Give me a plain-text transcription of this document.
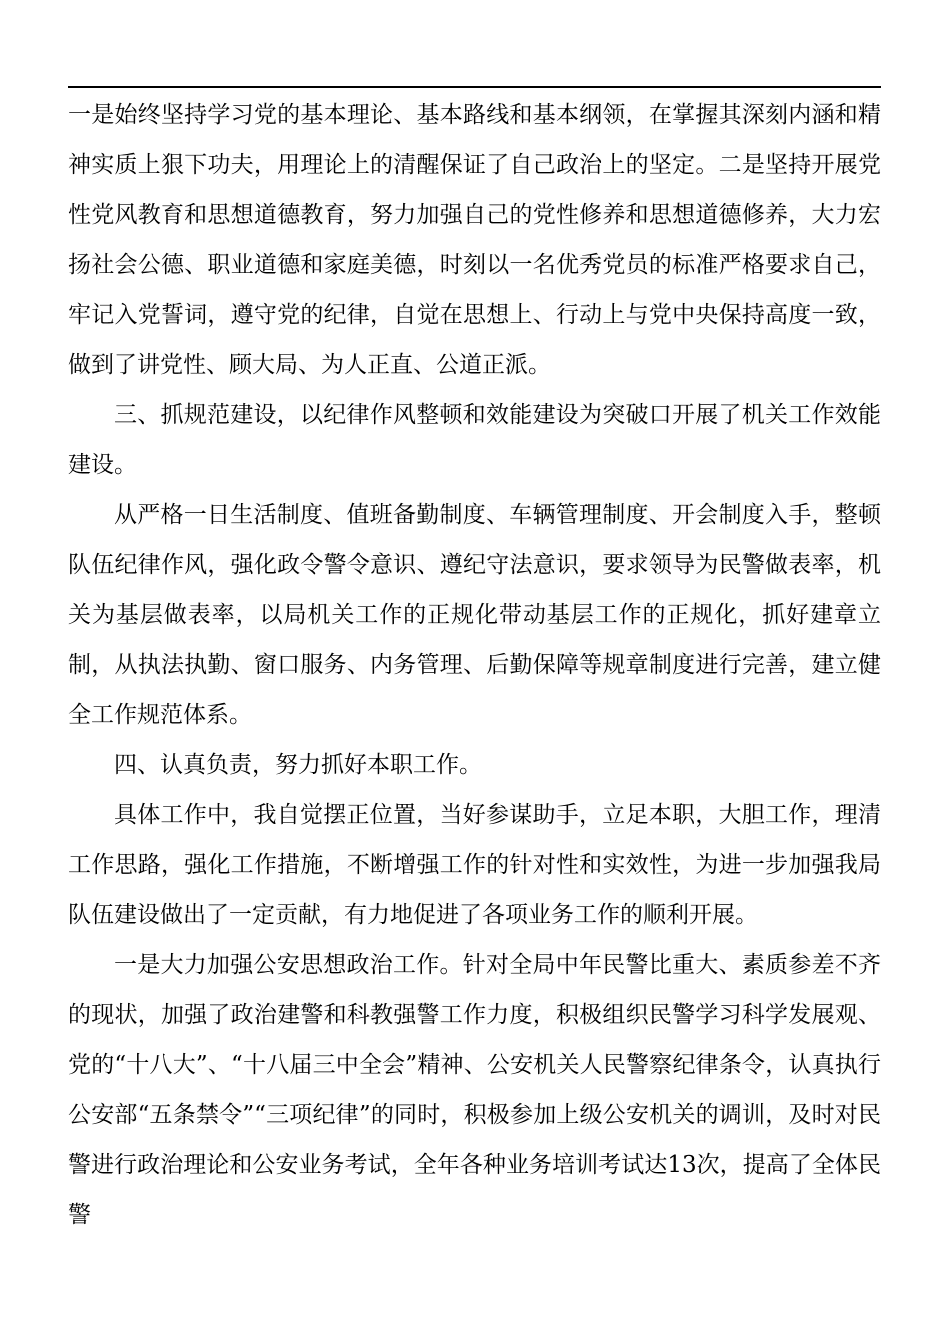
一是始终坚持学习党的基本理论、基本路线和基本纲领，在掌握其深刻内涵和精神实质上狠下功夫，用理论上的清醒保证了自己政治上的坚定。二是坚持开展党性党风教育和思想道德教育，努力加强自己的党性修养和思想道德修养，大力宏扬社会公德、职业道德和家庭美德，时刻以一名优秀党员的标准严格要求自己，牢记入党誓词，遵守党的纪律，自觉在思想上、行动上与党中央保持高度一致，做到了讲党性、顾大局、为人正直、公道正派。

三、抓规范建设，以纪律作风整顿和效能建设为突破口开展了机关工作效能建设。

从严格一日生活制度、值班备勤制度、车辆管理制度、开会制度入手，整顿队伍纪律作风，强化政令警令意识、遵纪守法意识，要求领导为民警做表率，机关为基层做表率，以局机关工作的正规化带动基层工作的正规化，抓好建章立制，从执法执勤、窗口服务、内务管理、后勤保障等规章制度进行完善，建立健全工作规范体系。

四、认真负责，努力抓好本职工作。

具体工作中，我自觉摆正位置，当好参谋助手，立足本职，大胆工作，理清工作思路，强化工作措施，不断增强工作的针对性和实效性，为进一步加强我局队伍建设做出了一定贡献，有力地促进了各项业务工作的顺利开展。

一是大力加强公安思想政治工作。针对全局中年民警比重大、素质参差不齐的现状，加强了政治建警和科教强警工作力度，积极组织民警学习科学发展观、党的“十八大”、“十八届三中全会”精神、公安机关人民警察纪律条令，认真执行公安部“五条禁令”“三项纪律”的同时，积极参加上级公安机关的调训，及时对民警进行政治理论和公安业务考试，全年各种业务培训考试达13次，提高了全体民警
